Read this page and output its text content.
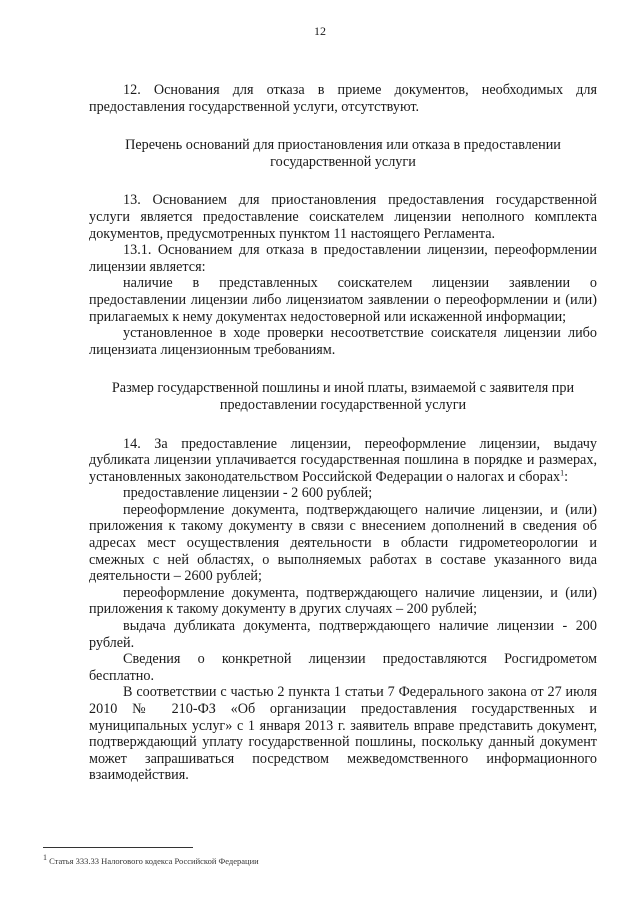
12

12. Основания для отказа в приеме документов, необходимых для предоставления государственной услуги, отсутствуют.

Перечень оснований для приостановления или отказа в предоставлении государственной услуги

13. Основанием для приостановления предоставления государственной услуги является предоставление соискателем лицензии неполного комплекта документов, предусмотренных пунктом 11 настоящего Регламента.

13.1. Основанием для отказа в предоставлении лицензии, переоформлении лицензии является:

наличие в представленных соискателем лицензии заявлении о предоставлении лицензии либо лицензиатом заявлении о переоформлении и (или) прилагаемых к нему документах недостоверной или искаженной информации;

установленное в ходе проверки несоответствие соискателя лицензии либо лицензиата лицензионным требованиям.

Размер государственной пошлины и иной платы, взимаемой с заявителя при предоставлении государственной услуги

14. За предоставление лицензии, переоформление лицензии, выдачу дубликата лицензии уплачивается государственная пошлина в порядке и размерах, установленных законодательством Российской Федерации о налогах и сборах$^1$:

предоставление лицензии - 2 600 рублей;

переоформление документа, подтверждающего наличие лицензии, и (или) приложения к такому документу в связи с внесением дополнений в сведения об адресах мест осуществления деятельности в области гидрометеорологии и смежных с ней областях, о выполняемых работах в составе указанного вида деятельности – 2600 рублей;

переоформление документа, подтверждающего наличие лицензии, и (или) приложения к такому документу в других случаях – 200 рублей;

выдача дубликата документа, подтверждающего наличие лицензии - 200 рублей.

Сведения о конкретной лицензии предоставляются Росгидрометом бесплатно.

В соответствии с частью 2 пункта 1 статьи 7 Федерального закона от 27 июля 2010 № 210-ФЗ «Об организации предоставления государственных и муниципальных услуг» с 1 января 2013 г. заявитель вправе представить документ, подтверждающий уплату государственной пошлины, поскольку данный документ может запрашиваться посредством межведомственного информационного взаимодействия.

$^1$ Статья 333.33 Налогового кодекса Российской Федерации
